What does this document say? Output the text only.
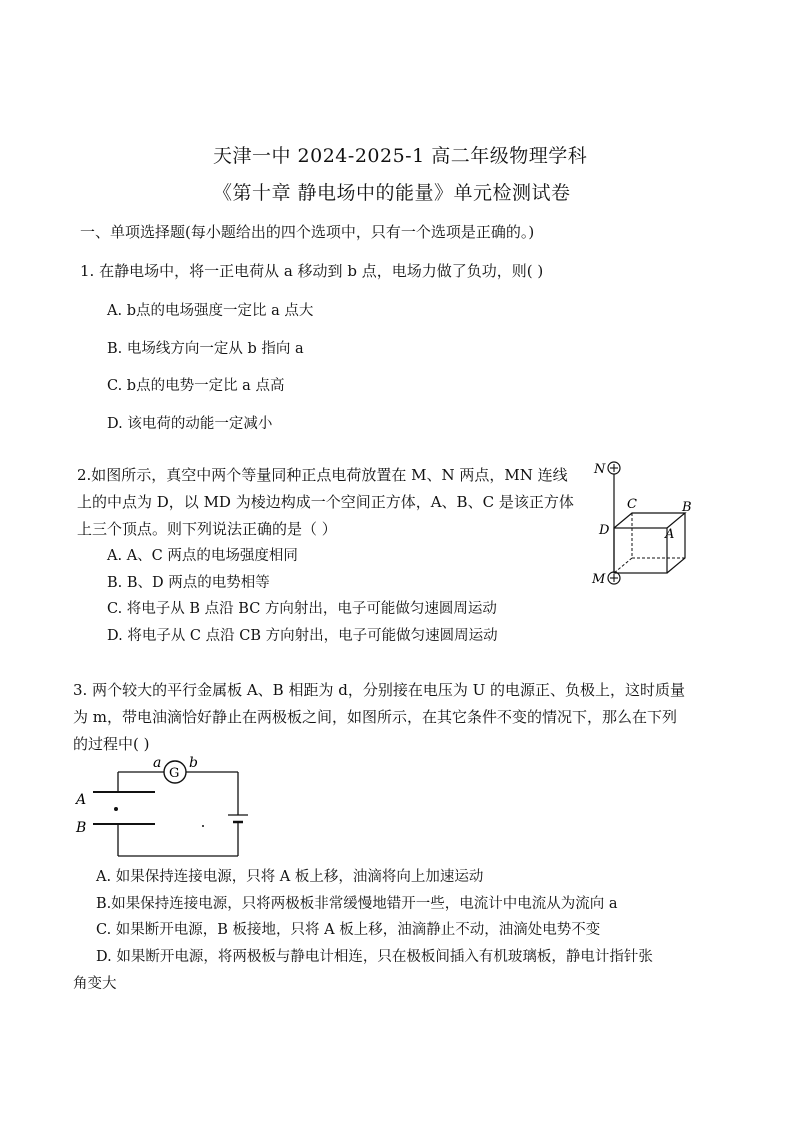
天津一中 2024-2025-1 高二年级物理学科
《第十章 静电场中的能量》单元检测试卷
一、单项选择题(每小题给出的四个选项中，只有一个选项是正确的。)
1. 在静电场中，将一正电荷从 a 移动到 b 点，电场力做了负功，则( )
A. b点的电场强度一定比 a 点大
B. 电场线方向一定从 b 指向 a
C. b点的电势一定比 a 点高
D. 该电荷的动能一定减小
2.如图所示，真空中两个等量同种正点电荷放置在 M、N 两点，MN 连线
上的中点为 D，以 MD 为棱边构成一个空间正方体，A、B、C 是该正方体
上三个顶点。则下列说法正确的是（ ）
A. A、C 两点的电场强度相同
B. B、D 两点的电势相等
C. 将电子从 B 点沿 BC 方向射出，电子可能做匀速圆周运动
D. 将电子从 C 点沿 CB 方向射出，电子可能做匀速圆周运动
N
M
C	B
A
D
3. 两个较大的平行金属板 A、B 相距为 d，分别接在电压为 U 的电源正、负极上，这时质量
为 m，带电油滴恰好静止在两极板之间，如图所示，在其它条件不变的情况下，那么在下列
的过程中( )
G
a b
A
B
A. 如果保持连接电源，只将 A 板上移，油滴将向上加速运动
B.如果保持连接电源，只将两极板非常缓慢地错开一些，电流计中电流从为流向 a
C. 如果断开电源，B 板接地，只将 A 板上移，油滴静止不动，油滴处电势不变
D. 如果断开电源，将两极板与静电计相连，只在极板间插入有机玻璃板，静电计指针张
角变大
